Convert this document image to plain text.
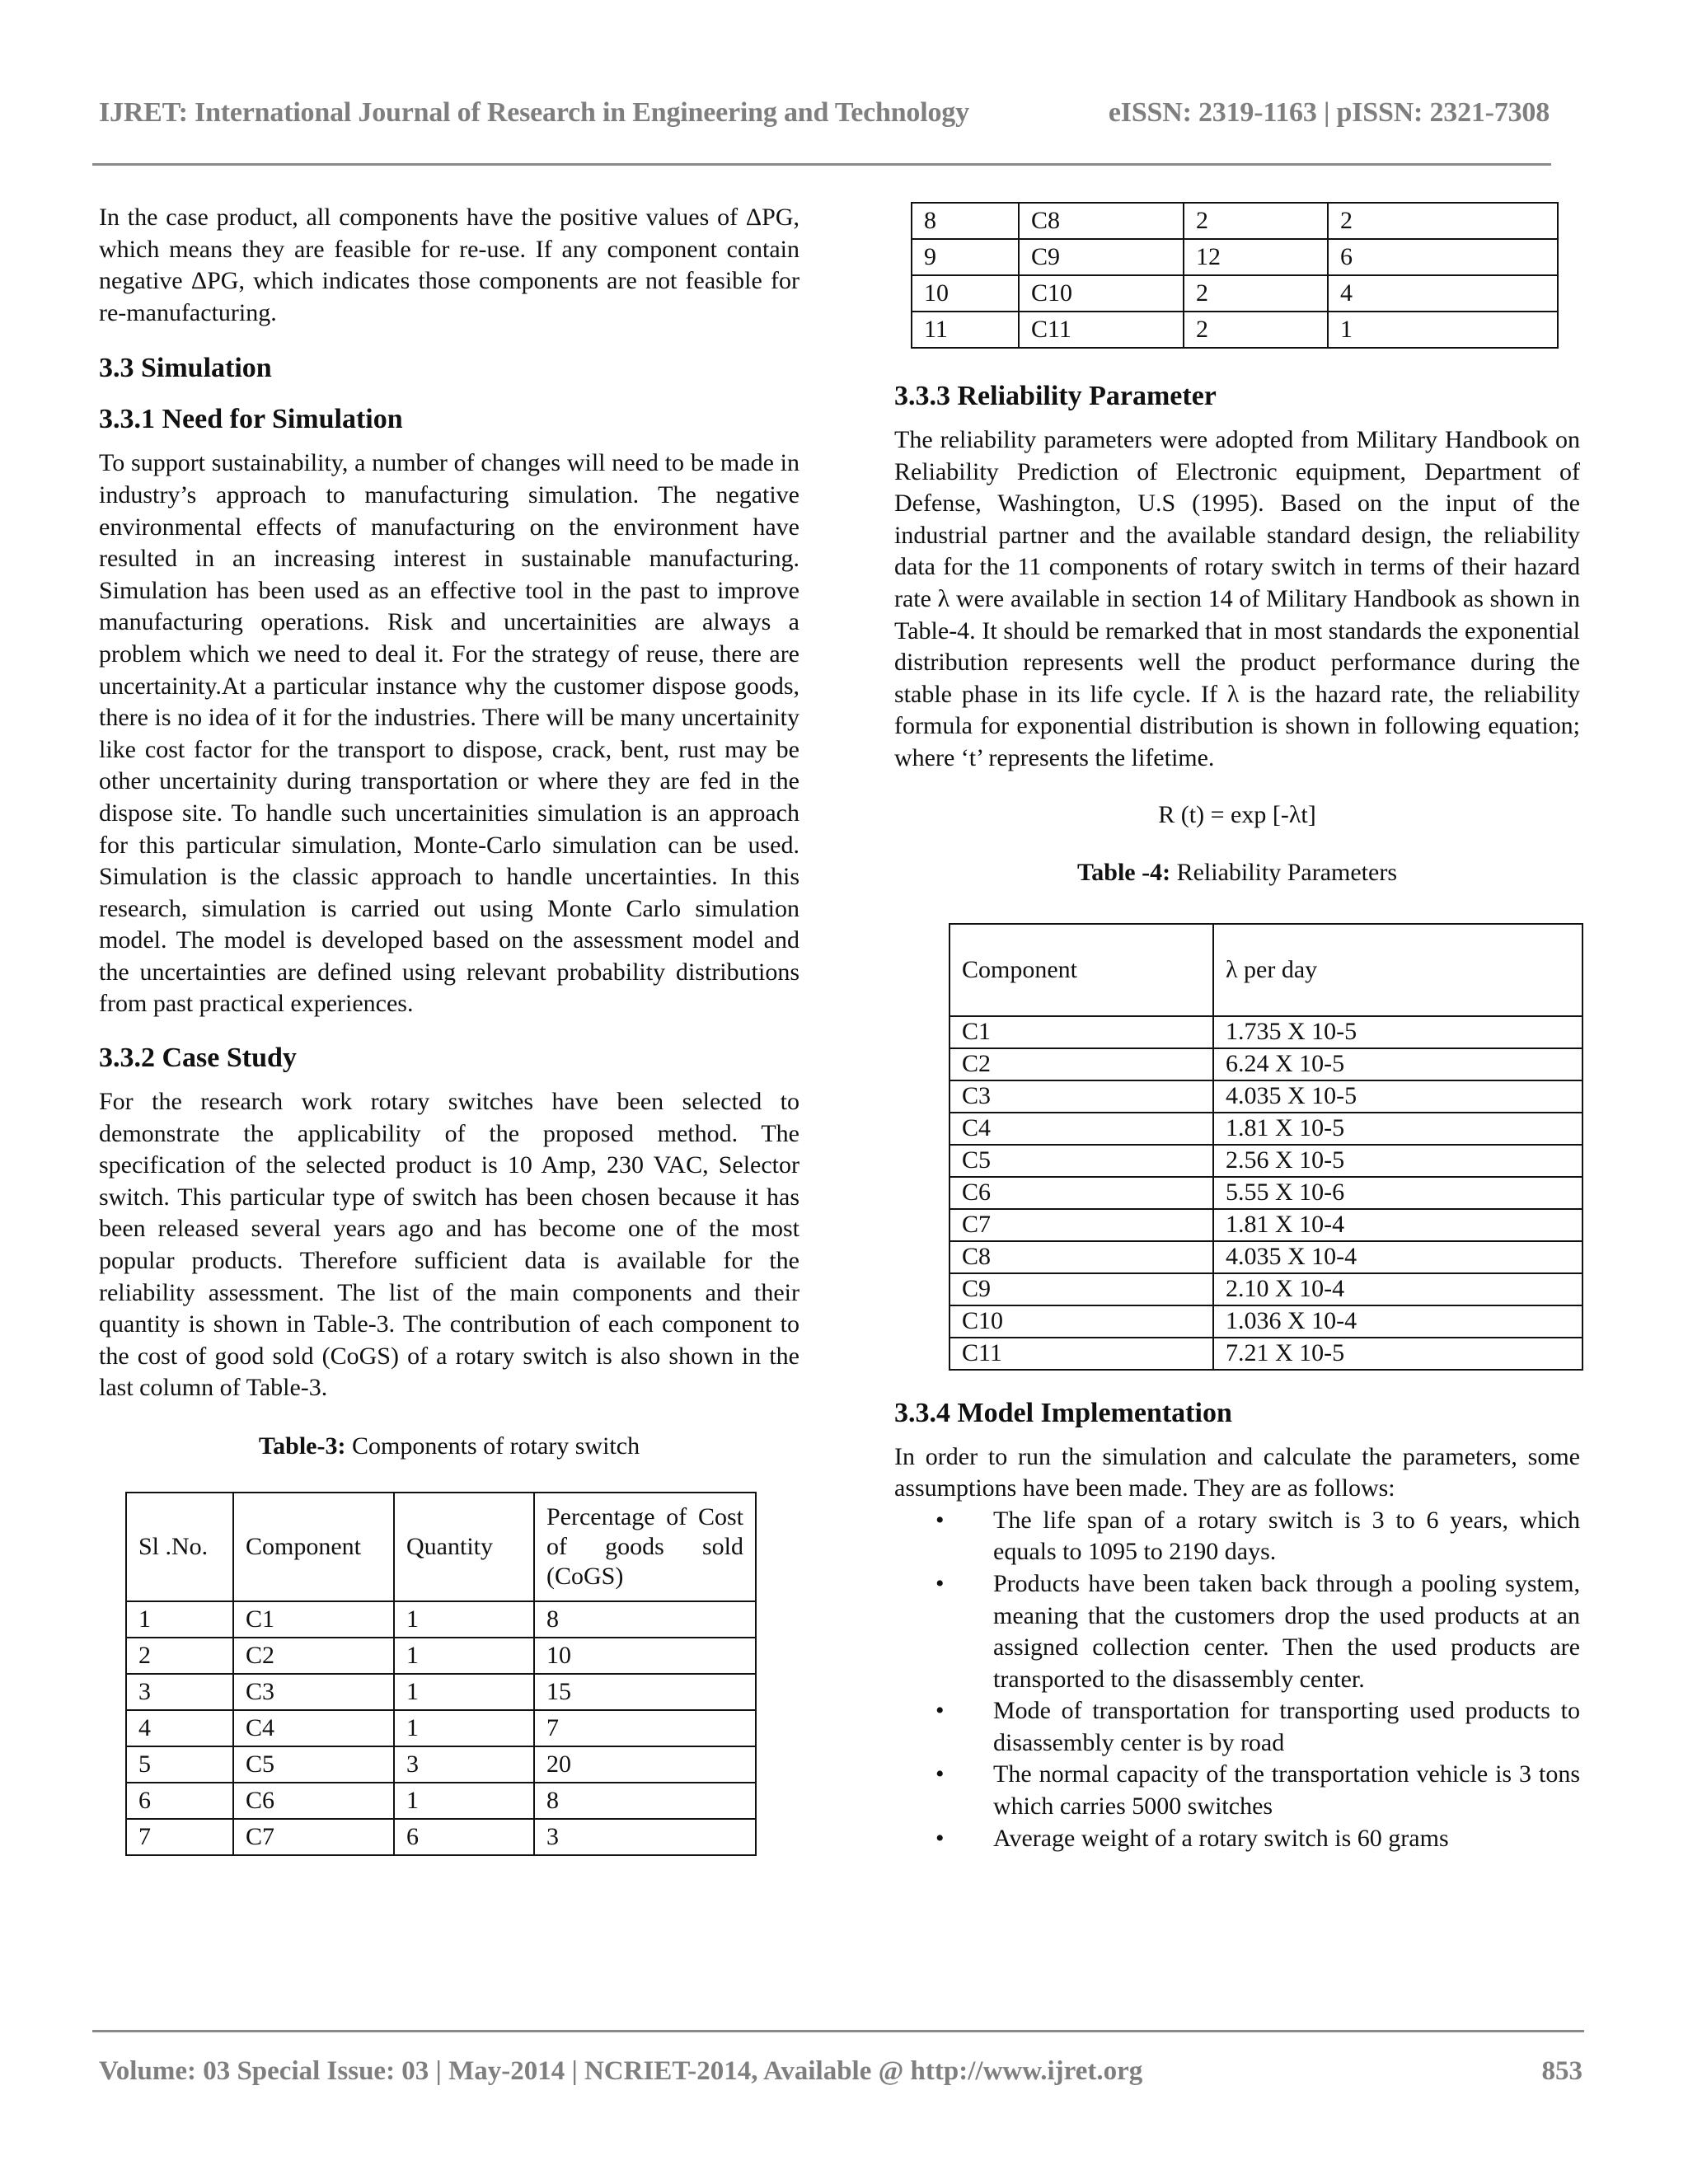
IJRET: International Journal of Research in Engineering and Technology	eISSN: 2319-1163 | pISSN: 2321-7308

In the case product, all components have the positive values of ΔPG, which means they are feasible for re-use. If any component contain negative ΔPG, which indicates those components are not feasible for re-manufacturing.

3.3 Simulation
3.3.1 Need for Simulation

To support sustainability, a number of changes will need to be made in industry’s approach to manufacturing simulation. The negative environmental effects of manufacturing on the environment have resulted in an increasing interest in sustainable manufacturing. Simulation has been used as an effective tool in the past to improve manufacturing operations. Risk and uncertainities are always a problem which we need to deal it. For the strategy of reuse, there are uncertainity.At a particular instance why the customer dispose goods, there is no idea of it for the industries. There will be many uncertainity like cost factor for the transport to dispose, crack, bent, rust may be other uncertainity during transportation or where they are fed in the dispose site. To handle such uncertainities simulation is an approach for this particular simulation, Monte-Carlo simulation can be used. Simulation is the classic approach to handle uncertainties. In this research, simulation is carried out using Monte Carlo simulation model. The model is developed based on the assessment model and the uncertainties are defined using relevant probability distributions from past practical experiences.

3.3.2 Case Study

For the research work rotary switches have been selected to demonstrate the applicability of the proposed method. The specification of the selected product is 10 Amp, 230 VAC, Selector switch. This particular type of switch has been chosen because it has been released several years ago and has become one of the most popular products. Therefore sufficient data is available for the reliability assessment. The list of the main components and their quantity is shown in Table-3. The contribution of each component to the cost of good sold (CoGS) of a rotary switch is also shown in the last column of Table-3.

Table-3: Components of rotary switch
Sl .No.	Component	Quantity	Percentage of Cost of goods sold (CoGS)
1	C1	1	8
2	C2	1	10
3	C3	1	15
4	C4	1	7
5	C5	3	20
6	C6	1	8
7	C7	6	3
8	C8	2	2
9	C9	12	6
10	C10	2	4
11	C11	2	1
3.3.3 Reliability Parameter

The reliability parameters were adopted from Military Handbook on Reliability Prediction of Electronic equipment, Department of Defense, Washington, U.S (1995). Based on the input of the industrial partner and the available standard design, the reliability data for the 11 components of rotary switch in terms of their hazard rate λ were available in section 14 of Military Handbook as shown in Table-4. It should be remarked that in most standards the exponential distribution represents well the product performance during the stable phase in its life cycle. If λ is the hazard rate, the reliability formula for exponential distribution is shown in following equation; where ‘t’ represents the lifetime.

R (t) = exp [-λt]
Table -4: Reliability Parameters
Component	λ per day
C1	1.735 X 10-5
C2	6.24 X 10-5
C3	4.035 X 10-5
C4	1.81 X 10-5
C5	2.56 X 10-5
C6	5.55 X 10-6
C7	1.81 X 10-4
C8	4.035 X 10-4
C9	2.10 X 10-4
C10	1.036 X 10-4
C11	7.21 X 10-5
3.3.4 Model Implementation

In order to run the simulation and calculate the parameters, some assumptions have been made. They are as follows:

• The life span of a rotary switch is 3 to 6 years, which equals to 1095 to 2190 days.
• Products have been taken back through a pooling system, meaning that the customers drop the used products at an assigned collection center. Then the used products are transported to the disassembly center.
• Mode of transportation for transporting used products to disassembly center is by road
• The normal capacity of the transportation vehicle is 3 tons which carries 5000 switches
• Average weight of a rotary switch is 60 grams
Volume: 03 Special Issue: 03 | May-2014 | NCRIET-2014, Available @ http://www.ijret.org	853
